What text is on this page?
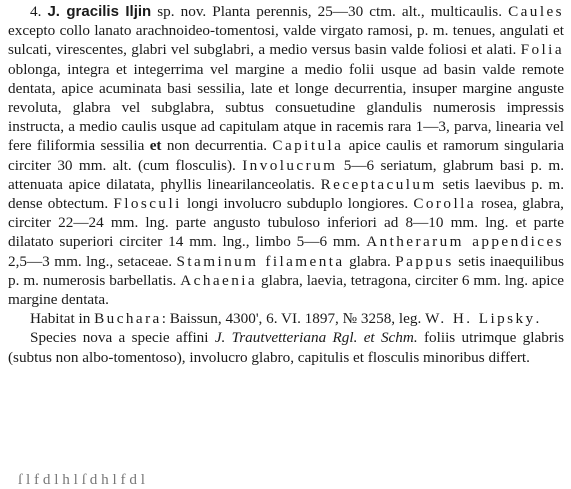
4. J. gracilis Iljin sp. nov. Planta perennis, 25—30 ctm. alt., multicaulis. Caules excepto collo lanato arachnoideo-tomentosi, valde virgato ramosi, p. m. tenues, angulati et sulcati, virescentes, glabri vel subglabri, a medio versus basin valde foliosi et alati. Folia oblonga, integra et integerrima vel margine a medio folii usque ad basin valde remote dentata, apice acuminata basi sessilia, late et longe decurrentia, insuper margine anguste revoluta, glabra vel subglabra, subtus consuetudine glandulis numerosis impressis instructa, a medio caulis usque ad capitulam atque in racemis rara 1—3, parva, linearia vel fere filiformia sessilia et non decurrentia. Capitula apice caulis et ramorum singularia circiter 30 mm. alt. (cum flosculis). Involucrum 5—6 seriatum, glabrum basi p. m. attenuata apice dilatata, phyllis linearilanceolatis. Receptaculum setis laevibus p. m. dense obtectum. Flosculi longi involucro subduplo longiores. Corolla rosea, glabra, circiter 22—24 mm. lng. parte angusto tubuloso inferiori ad 8—10 mm. lng. et parte dilatato superiori circiter 14 mm. lng., limbo 5—6 mm. Antherarum appendices 2,5—3 mm. lng., setaceae. Staminum filamenta glabra. Pappus setis inaequilibus p. m. numerosis barbellatis. Achaenia glabra, laevia, tetragona, circiter 6 mm. lng. apice margine dentata.

Habitat in Buchara: Baissun, 4300', 6. VI. 1897, № 3258, leg. W. H. Lipsky.

Species nova a specie affini J. Trautvetteriana Rgl. et Schm. foliis utrimque glabris (subtus non albo-tomentoso), involucro glabro, capitulis et flosculis minoribus differt.

ſ l f d l h l ſ d h l f d l
